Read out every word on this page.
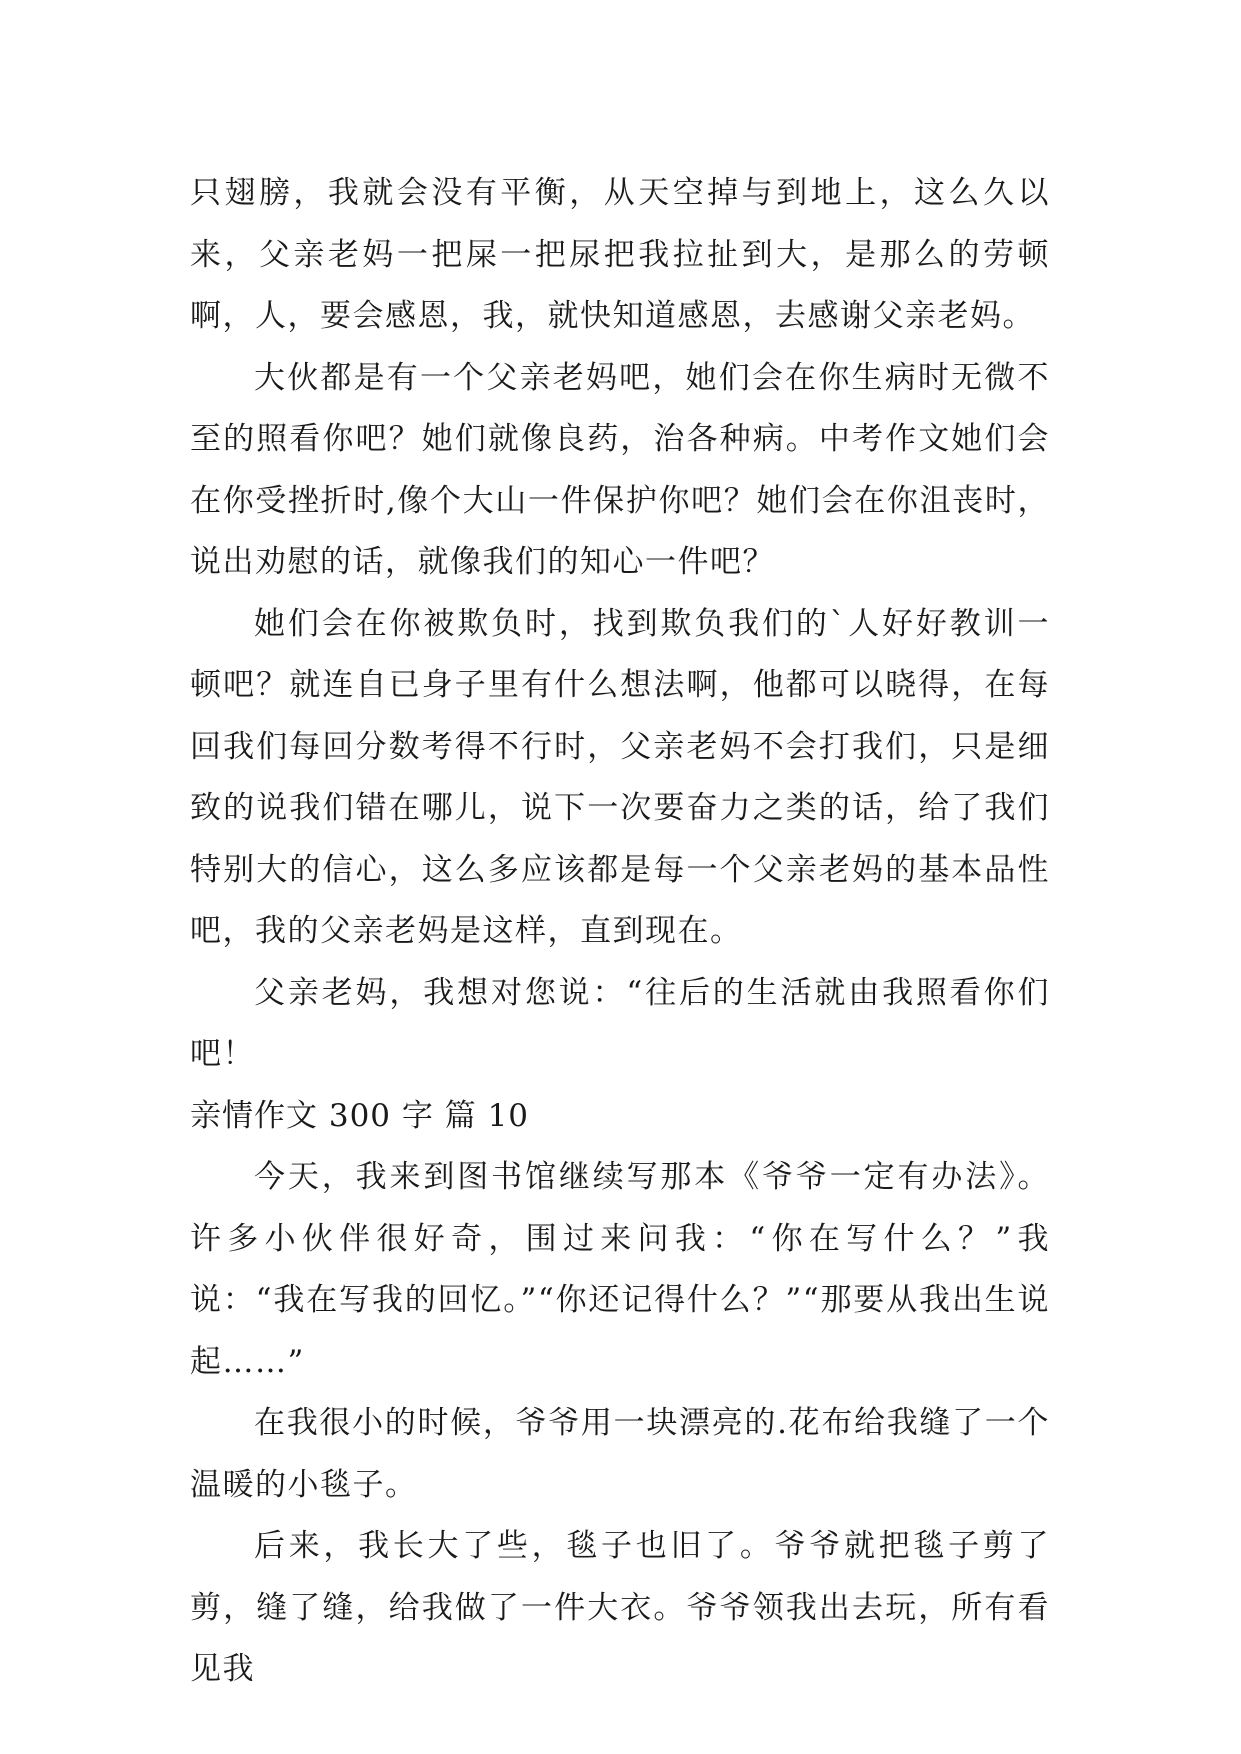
只翅膀，我就会没有平衡，从天空掉与到地上，这么久以来，父亲老妈一把屎一把尿把我拉扯到大，是那么的劳顿啊，人，要会感恩，我，就快知道感恩，去感谢父亲老妈。

大伙都是有一个父亲老妈吧，她们会在你生病时无微不至的照看你吧？她们就像良药，治各种病。中考作文她们会在你受挫折时,像个大山一件保护你吧？她们会在你沮丧时，说出劝慰的话，就像我们的知心一件吧？

她们会在你被欺负时，找到欺负我们的`人好好教训一顿吧？就连自已身子里有什么想法啊，他都可以晓得，在每回我们每回分数考得不行时，父亲老妈不会打我们，只是细致的说我们错在哪儿，说下一次要奋力之类的话，给了我们特别大的信心，这么多应该都是每一个父亲老妈的基本品性吧，我的父亲老妈是这样，直到现在。

父亲老妈，我想对您说：“往后的生活就由我照看你们吧！

亲情作文 300 字 篇 10

今天，我来到图书馆继续写那本《爷爷一定有办法》。许多小伙伴很好奇，围过来问我：“你在写什么？”我说：“我在写我的回忆。”“你还记得什么？”“那要从我出生说起……”

在我很小的时候，爷爷用一块漂亮的.花布给我缝了一个温暖的小毯子。

后来，我长大了些，毯子也旧了。爷爷就把毯子剪了剪，缝了缝，给我做了一件大衣。爷爷领我出去玩，所有看见我
